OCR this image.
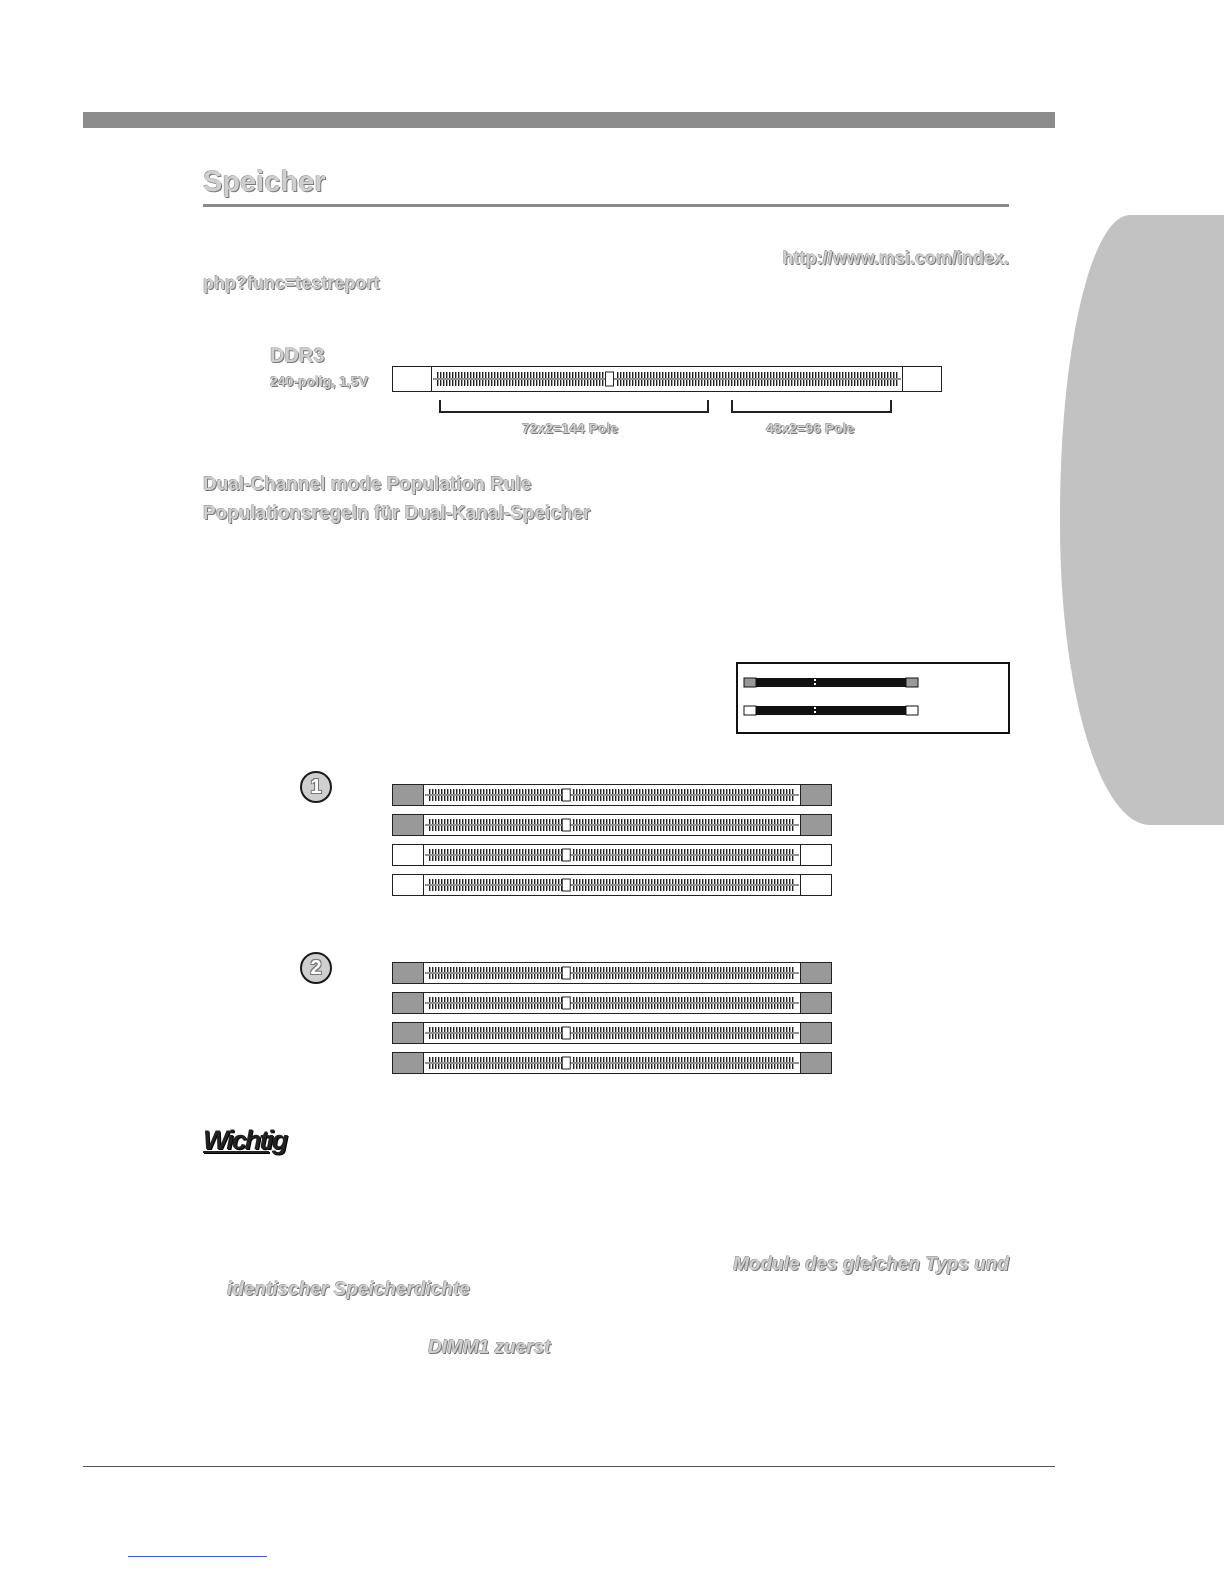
Speicher
http://www.msi.com/index.
php?func=testreport
DDR3
240-polig, 1,5V
72x2=144 Pole	48x2=96 Pole
Dual-Channel mode Population Rule
Populationsregeln für Dual-Kanal-Speicher
1
2
Wichtig
Module des gleichen Typs und
identischer Speicherdichte
DIMM1 zuerst
